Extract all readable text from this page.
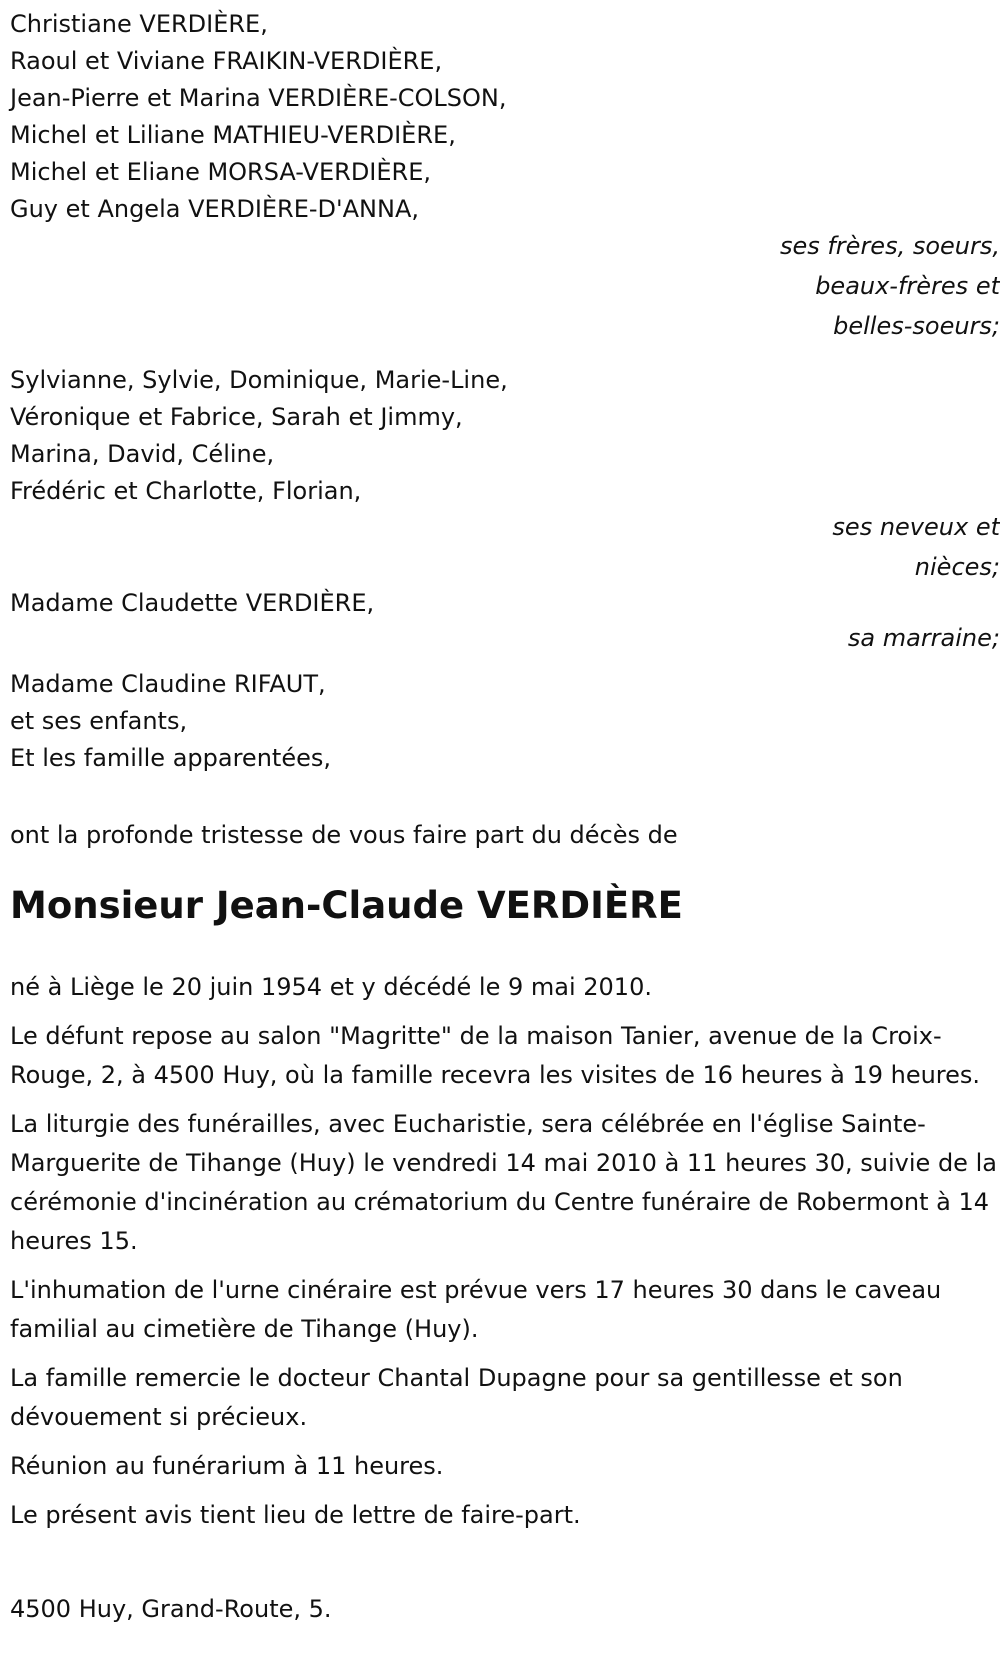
Christiane VERDIÈRE,
Raoul et Viviane FRAIKIN-VERDIÈRE,
Jean-Pierre et Marina VERDIÈRE-COLSON,
Michel et Liliane MATHIEU-VERDIÈRE,
Michel et Eliane MORSA-VERDIÈRE,
Guy et Angela VERDIÈRE-D'ANNA,
ses frères, soeurs,
beaux-frères et
belles-soeurs;
Sylvianne, Sylvie, Dominique, Marie-Line,
Véronique et Fabrice, Sarah et Jimmy,
Marina, David, Céline,
Frédéric et Charlotte, Florian,
ses neveux et
nièces;
Madame Claudette VERDIÈRE,
sa marraine;
Madame Claudine RIFAUT,
et ses enfants,
Et les famille apparentées,
ont la profonde tristesse de vous faire part du décès de
Monsieur Jean-Claude VERDIÈRE

né à Liège le 20 juin 1954 et y décédé le 9 mai 2010.

Le défunt repose au salon "Magritte" de la maison Tanier, avenue de la Croix-Rouge, 2, à 4500 Huy, où la famille recevra les visites de 16 heures à 19 heures.

La liturgie des funérailles, avec Eucharistie, sera célébrée en l'église Sainte-Marguerite de Tihange (Huy) le vendredi 14 mai 2010 à 11 heures 30, suivie de la cérémonie d'incinération au crématorium du Centre funéraire de Robermont à 14 heures 15.

L'inhumation de l'urne cinéraire est prévue vers 17 heures 30 dans le caveau familial au cimetière de Tihange (Huy).

La famille remercie le docteur Chantal Dupagne pour sa gentillesse et son dévouement si précieux.

Réunion au funérarium à 11 heures.

Le présent avis tient lieu de lettre de faire-part.

4500 Huy, Grand-Route, 5.
